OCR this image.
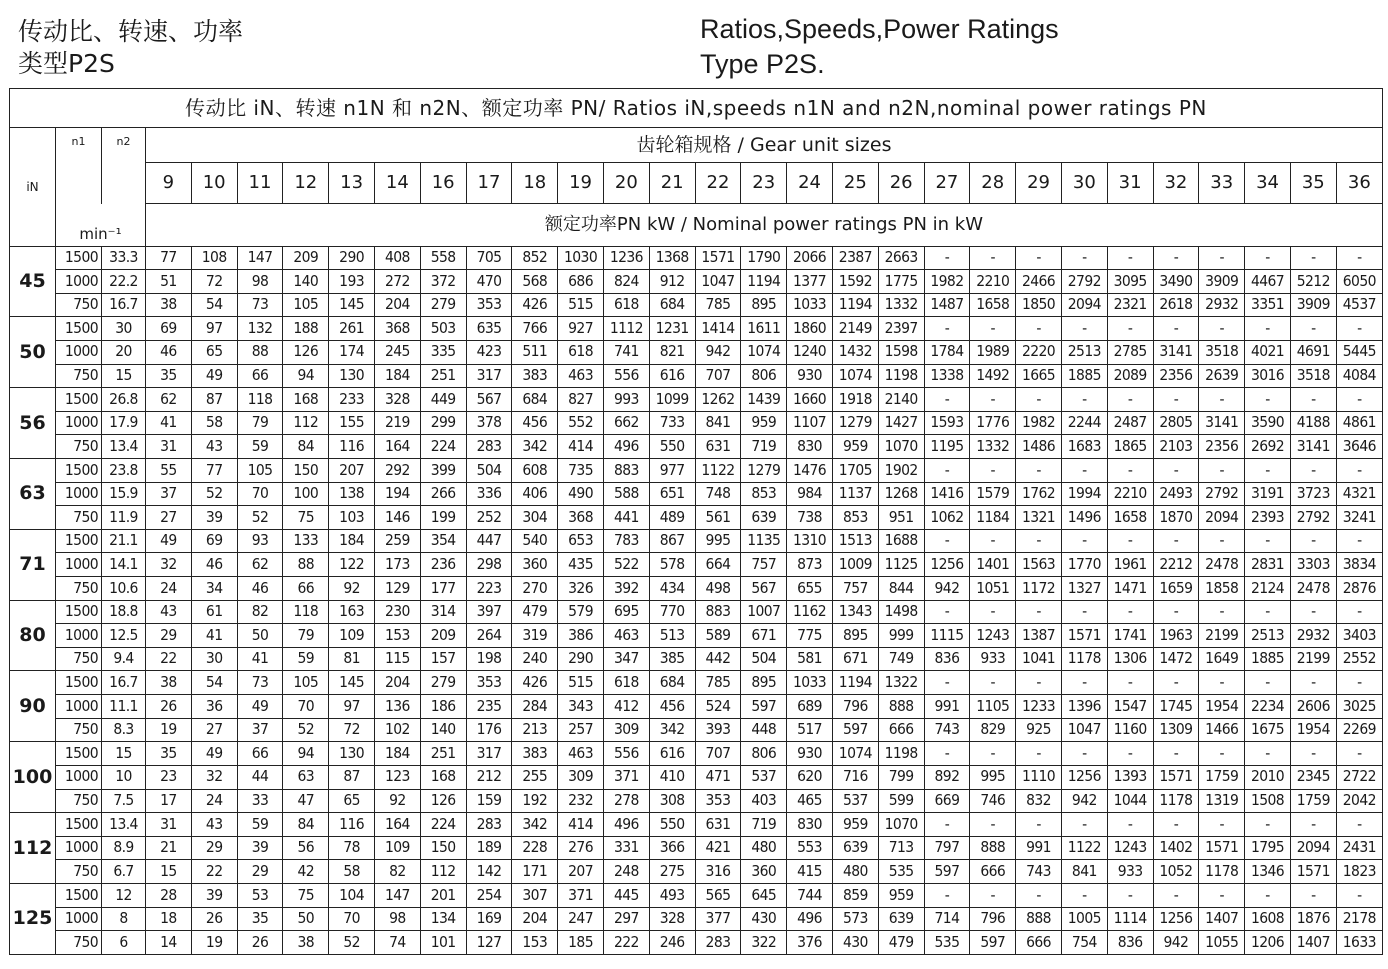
传动比、转速、功率
类型P2S
Ratios,Speeds,Power Ratings
Type P2S.
传动比 iN、转速 n1N 和 n2N、额定功率 PN/ Ratios iN,speeds n1N and n2N,nominal power ratings PN																													
iN	n1	n2	齿轮箱规格 / Gear unit sizes																										
			9	10	11	12	13	14	16	17	18	19	20	21	22	23	24	25	26	27	28	29	30	31	32	33	34	35	36
	min⁻¹		额定功率PN kW / Nominal power ratings PN in kW																										
45	1500	33.3	77	108	147	209	290	408	558	705	852	1030	1236	1368	1571	1790	2066	2387	2663	-	-	-	-	-	-	-	-	-	-
	1000	22.2	51	72	98	140	193	272	372	470	568	686	824	912	1047	1194	1377	1592	1775	1982	2210	2466	2792	3095	3490	3909	4467	5212	6050
	750	16.7	38	54	73	105	145	204	279	353	426	515	618	684	785	895	1033	1194	1332	1487	1658	1850	2094	2321	2618	2932	3351	3909	4537
50	1500	30	69	97	132	188	261	368	503	635	766	927	1112	1231	1414	1611	1860	2149	2397	-	-	-	-	-	-	-	-	-	-
	1000	20	46	65	88	126	174	245	335	423	511	618	741	821	942	1074	1240	1432	1598	1784	1989	2220	2513	2785	3141	3518	4021	4691	5445
	750	15	35	49	66	94	130	184	251	317	383	463	556	616	707	806	930	1074	1198	1338	1492	1665	1885	2089	2356	2639	3016	3518	4084
56	1500	26.8	62	87	118	168	233	328	449	567	684	827	993	1099	1262	1439	1660	1918	2140	-	-	-	-	-	-	-	-	-	-
	1000	17.9	41	58	79	112	155	219	299	378	456	552	662	733	841	959	1107	1279	1427	1593	1776	1982	2244	2487	2805	3141	3590	4188	4861
	750	13.4	31	43	59	84	116	164	224	283	342	414	496	550	631	719	830	959	1070	1195	1332	1486	1683	1865	2103	2356	2692	3141	3646
63	1500	23.8	55	77	105	150	207	292	399	504	608	735	883	977	1122	1279	1476	1705	1902	-	-	-	-	-	-	-	-	-	-
	1000	15.9	37	52	70	100	138	194	266	336	406	490	588	651	748	853	984	1137	1268	1416	1579	1762	1994	2210	2493	2792	3191	3723	4321
	750	11.9	27	39	52	75	103	146	199	252	304	368	441	489	561	639	738	853	951	1062	1184	1321	1496	1658	1870	2094	2393	2792	3241
71	1500	21.1	49	69	93	133	184	259	354	447	540	653	783	867	995	1135	1310	1513	1688	-	-	-	-	-	-	-	-	-	-
	1000	14.1	32	46	62	88	122	173	236	298	360	435	522	578	664	757	873	1009	1125	1256	1401	1563	1770	1961	2212	2478	2831	3303	3834
	750	10.6	24	34	46	66	92	129	177	223	270	326	392	434	498	567	655	757	844	942	1051	1172	1327	1471	1659	1858	2124	2478	2876
80	1500	18.8	43	61	82	118	163	230	314	397	479	579	695	770	883	1007	1162	1343	1498	-	-	-	-	-	-	-	-	-	-
	1000	12.5	29	41	50	79	109	153	209	264	319	386	463	513	589	671	775	895	999	1115	1243	1387	1571	1741	1963	2199	2513	2932	3403
	750	9.4	22	30	41	59	81	115	157	198	240	290	347	385	442	504	581	671	749	836	933	1041	1178	1306	1472	1649	1885	2199	2552
90	1500	16.7	38	54	73	105	145	204	279	353	426	515	618	684	785	895	1033	1194	1322	-	-	-	-	-	-	-	-	-	-
	1000	11.1	26	36	49	70	97	136	186	235	284	343	412	456	524	597	689	796	888	991	1105	1233	1396	1547	1745	1954	2234	2606	3025
	750	8.3	19	27	37	52	72	102	140	176	213	257	309	342	393	448	517	597	666	743	829	925	1047	1160	1309	1466	1675	1954	2269
100	1500	15	35	49	66	94	130	184	251	317	383	463	556	616	707	806	930	1074	1198	-	-	-	-	-	-	-	-	-	-
	1000	10	23	32	44	63	87	123	168	212	255	309	371	410	471	537	620	716	799	892	995	1110	1256	1393	1571	1759	2010	2345	2722
	750	7.5	17	24	33	47	65	92	126	159	192	232	278	308	353	403	465	537	599	669	746	832	942	1044	1178	1319	1508	1759	2042
112	1500	13.4	31	43	59	84	116	164	224	283	342	414	496	550	631	719	830	959	1070	-	-	-	-	-	-	-	-	-	-
	1000	8.9	21	29	39	56	78	109	150	189	228	276	331	366	421	480	553	639	713	797	888	991	1122	1243	1402	1571	1795	2094	2431
	750	6.7	15	22	29	42	58	82	112	142	171	207	248	275	316	360	415	480	535	597	666	743	841	933	1052	1178	1346	1571	1823
125	1500	12	28	39	53	75	104	147	201	254	307	371	445	493	565	645	744	859	959	-	-	-	-	-	-	-	-	-	-
	1000	8	18	26	35	50	70	98	134	169	204	247	297	328	377	430	496	573	639	714	796	888	1005	1114	1256	1407	1608	1876	2178
	750	6	14	19	26	38	52	74	101	127	153	185	222	246	283	322	376	430	479	535	597	666	754	836	942	1055	1206	1407	1633
